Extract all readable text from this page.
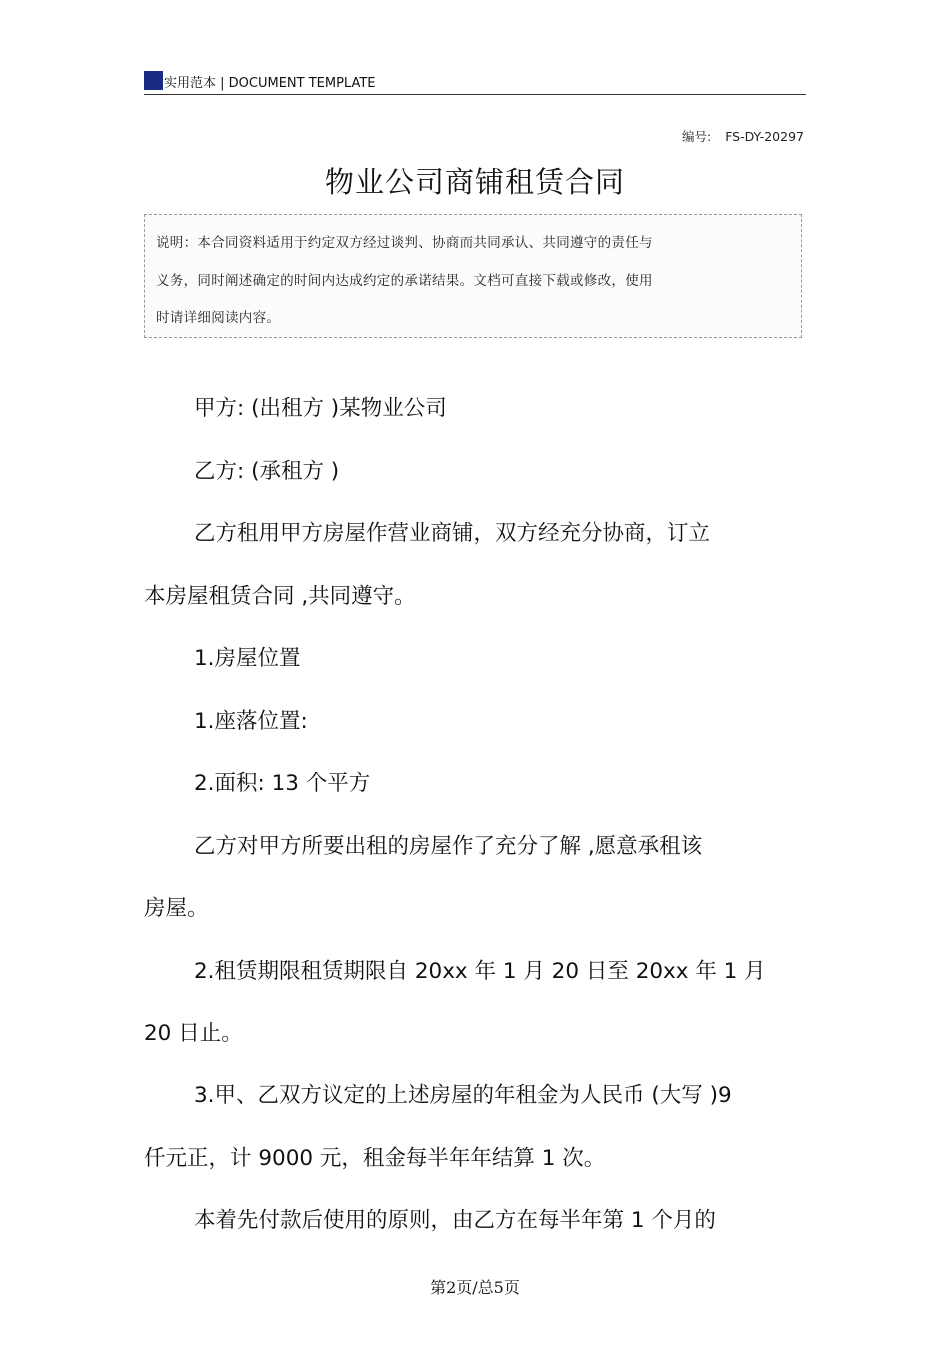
实用范本 | DOCUMENT TEMPLATE
编号: FS-DY-20297
物业公司商铺租赁合同
说明：本合同资料适用于约定双方经过谈判、协商而共同承认、共同遵守的责任与
义务，同时阐述确定的时间内达成约定的承诺结果。文档可直接下载或修改，使用
时请详细阅读内容。
甲方: (出租方 )某物业公司
乙方: (承租方 )
乙方租用甲方房屋作营业商铺，双方经充分协商，订立
本房屋租赁合同 ,共同遵守。
1.房屋位置
1.座落位置:
2.面积: 13 个平方
乙方对甲方所要出租的房屋作了充分了解 ,愿意承租该
房屋。
2.租赁期限租赁期限自 20xx 年 1 月 20 日至 20xx 年 1 月
20 日止。
3.甲、乙双方议定的上述房屋的年租金为人民币 (大写 )9
仟元正，计 9000 元，租金每半年年结算 1 次。
本着先付款后使用的原则，由乙方在每半年第 1 个月的
第2页/总5页
